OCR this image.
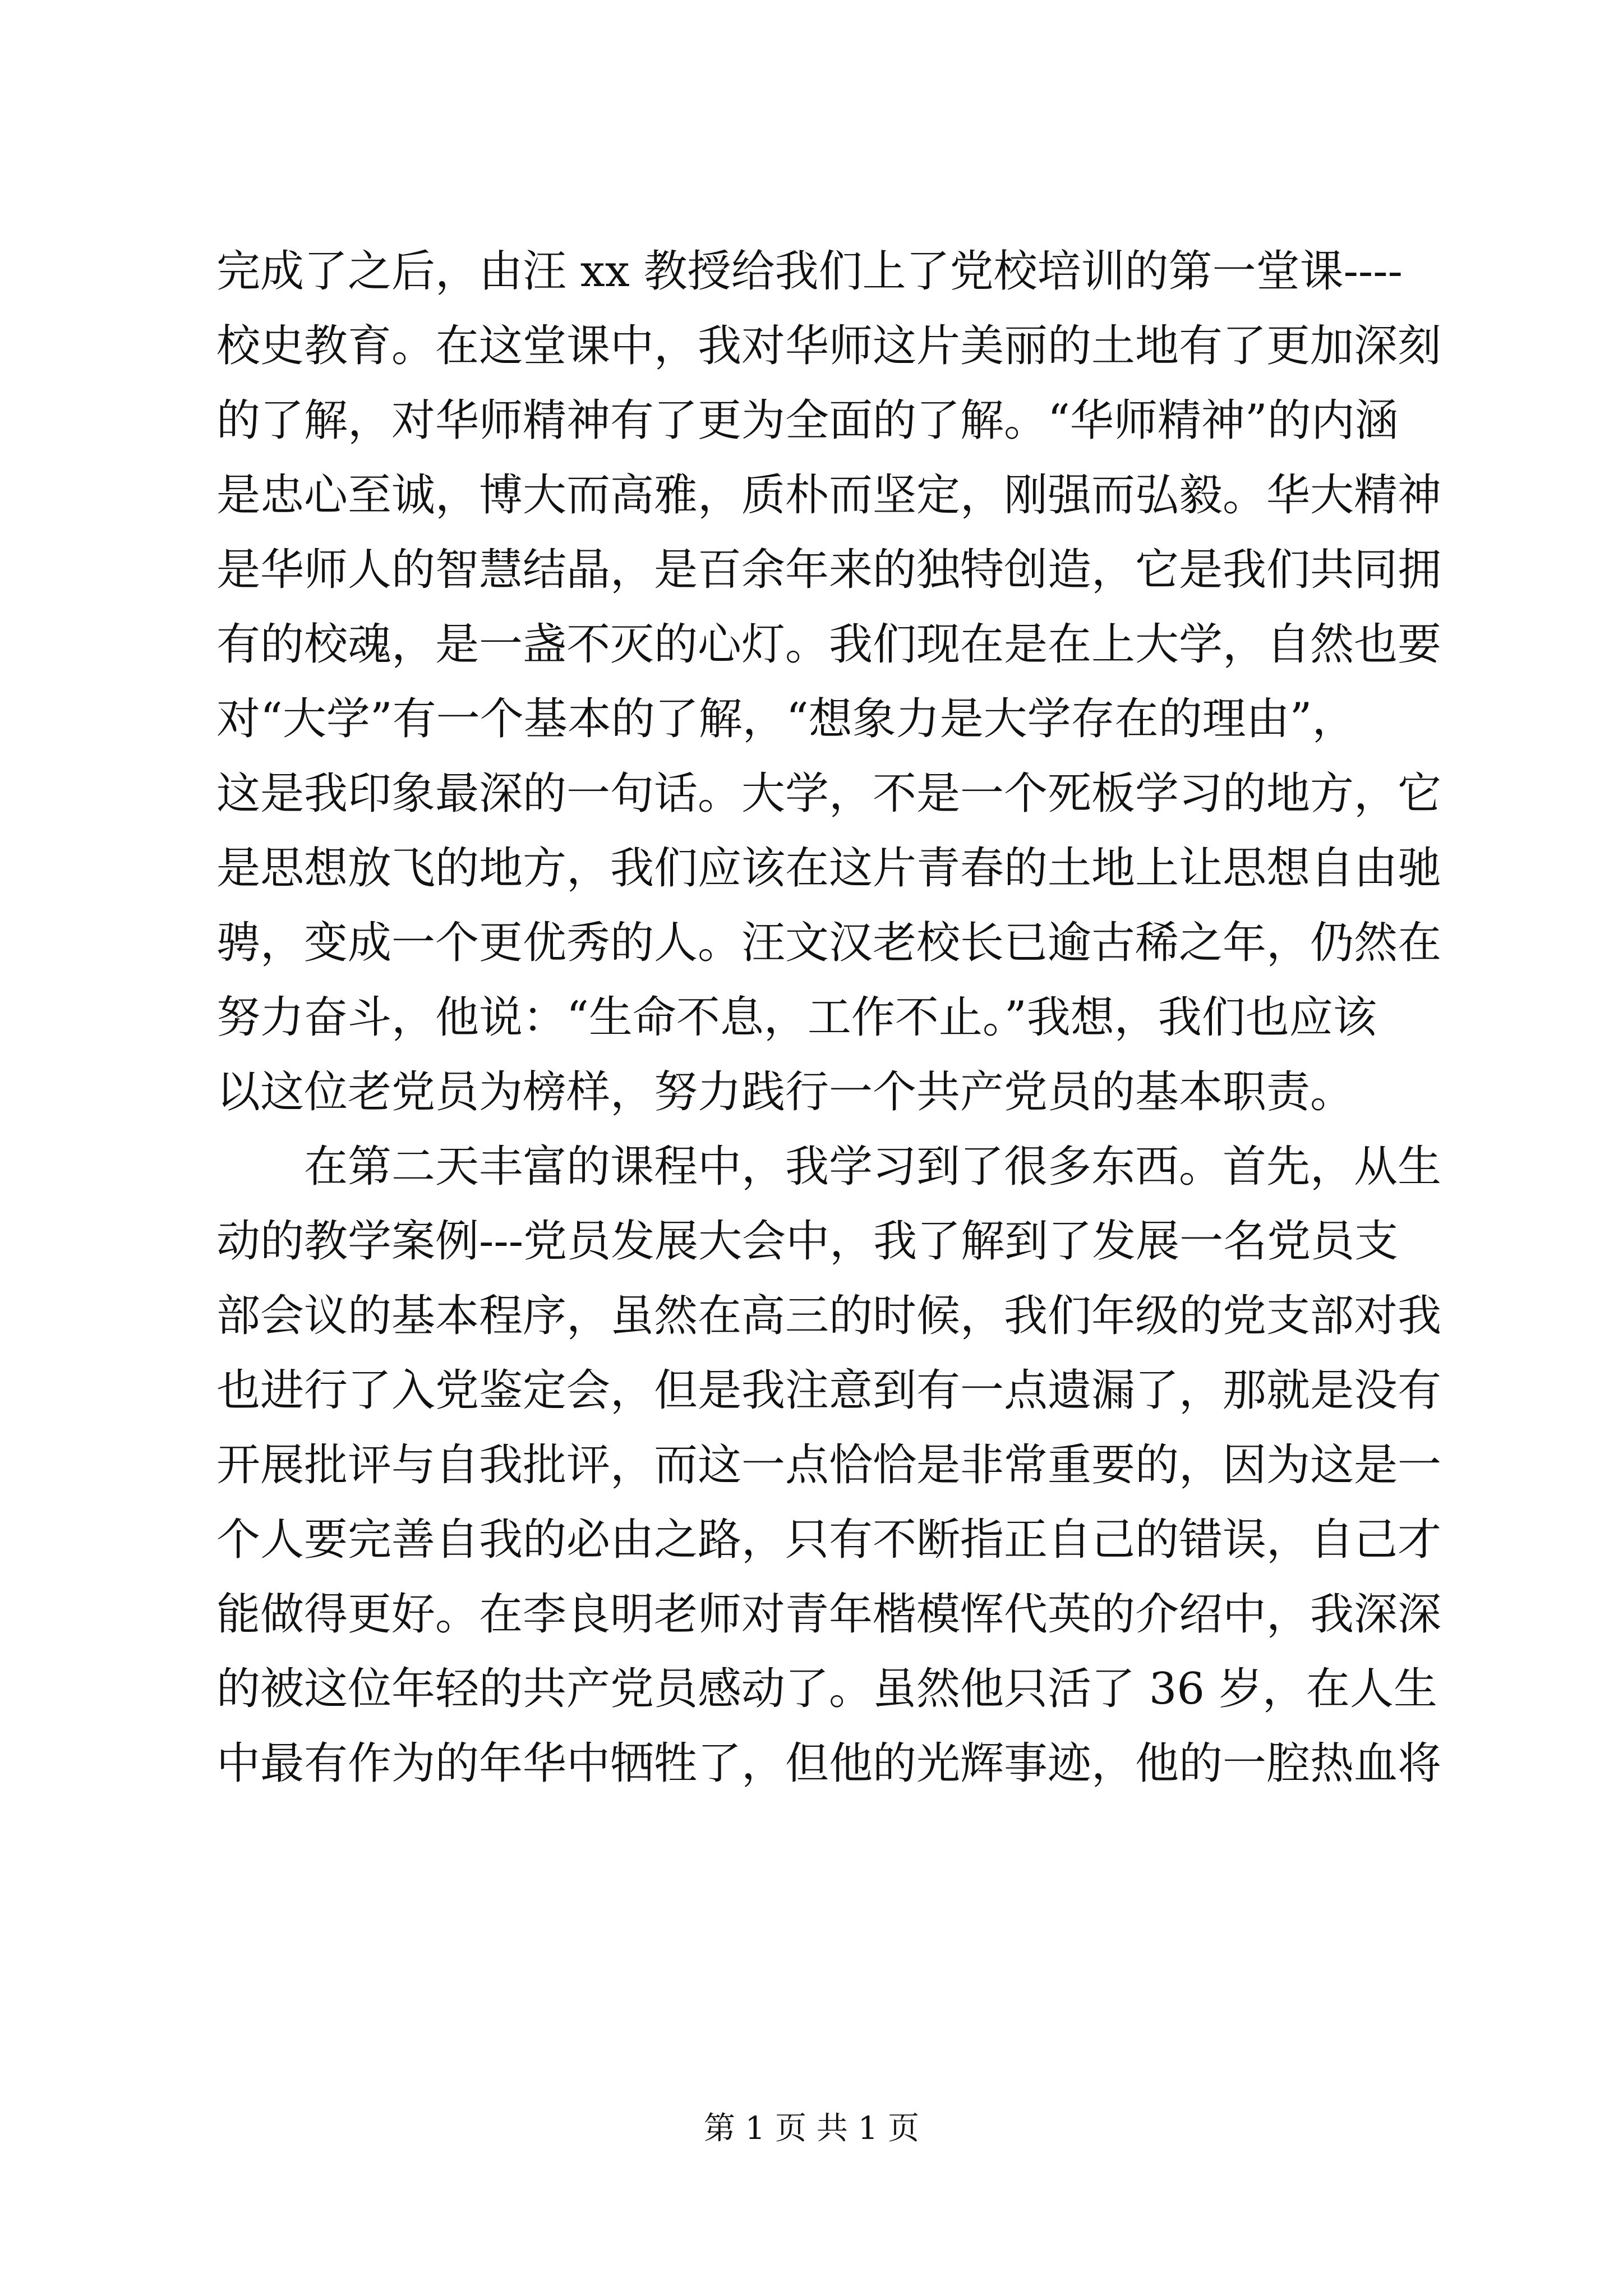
完成了之后，由汪 xx 教授给我们上了党校培训的第一堂课----
校史教育。在这堂课中，我对华师这片美丽的土地有了更加深刻
的了解，对华师精神有了更为全面的了解。“华师精神”的内涵
是忠心至诚，博大而高雅，质朴而坚定，刚强而弘毅。华大精神
是华师人的智慧结晶，是百余年来的独特创造，它是我们共同拥
有的校魂，是一盏不灭的心灯。我们现在是在上大学，自然也要
对“大学”有一个基本的了解，“想象力是大学存在的理由”，
这是我印象最深的一句话。大学，不是一个死板学习的地方，它
是思想放飞的地方，我们应该在这片青春的土地上让思想自由驰
骋，变成一个更优秀的人。汪文汉老校长已逾古稀之年，仍然在
努力奋斗，他说：“生命不息，工作不止。”我想，我们也应该
以这位老党员为榜样，努力践行一个共产党员的基本职责。
在第二天丰富的课程中，我学习到了很多东西。首先，从生
动的教学案例---党员发展大会中，我了解到了发展一名党员支
部会议的基本程序，虽然在高三的时候，我们年级的党支部对我
也进行了入党鉴定会，但是我注意到有一点遗漏了，那就是没有
开展批评与自我批评，而这一点恰恰是非常重要的，因为这是一
个人要完善自我的必由之路，只有不断指正自己的错误，自己才
能做得更好。在李良明老师对青年楷模恽代英的介绍中，我深深
的被这位年轻的共产党员感动了。虽然他只活了 36 岁，在人生
中最有作为的年华中牺牲了，但他的光辉事迹，他的一腔热血将
第 1 页 共 1 页
